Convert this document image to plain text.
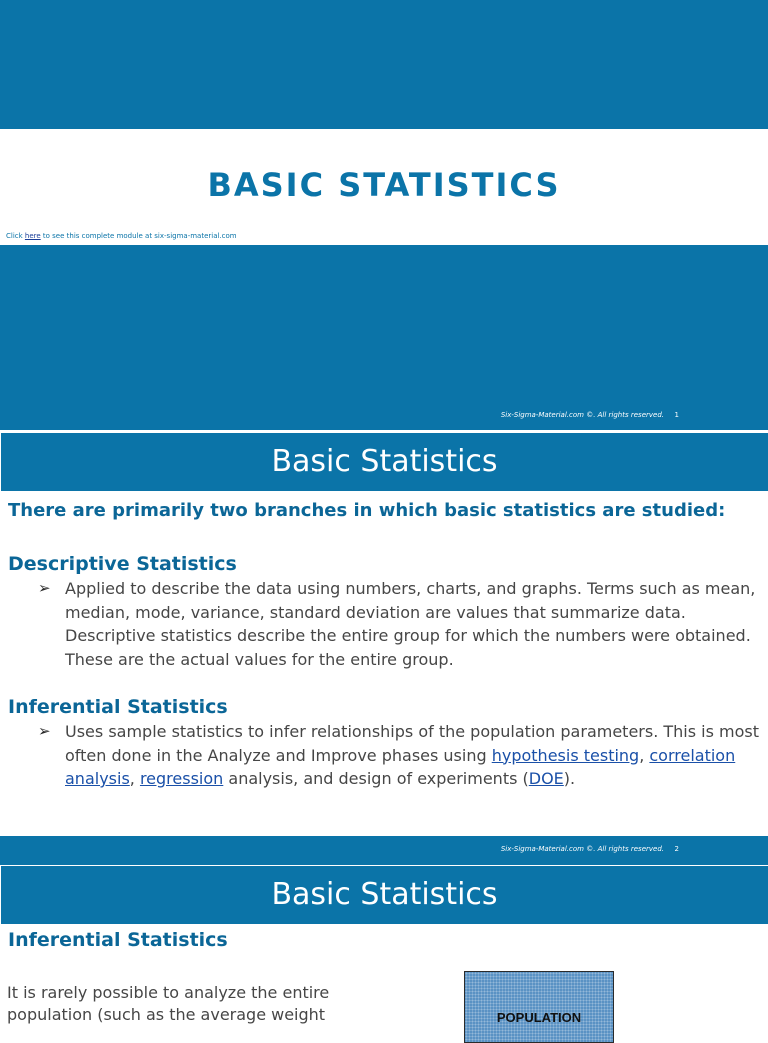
BASIC STATISTICS
Click here to see this complete module at six-sigma-material.com
Six-Sigma-Material.com ©. All rights reserved. 1
Basic Statistics
There are primarily two branches in which basic statistics are studied:
Descriptive Statistics
➢ Applied to describe the data using numbers, charts, and graphs. Terms such as mean, median, mode, variance, standard deviation are values that summarize data. Descriptive statistics describe the entire group for which the numbers were obtained. These are the actual values for the entire group.
Inferential Statistics
➢ Uses sample statistics to infer relationships of the population parameters. This is most often done in the Analyze and Improve phases using hypothesis testing, correlation analysis, regression analysis, and design of experiments (DOE).
Six-Sigma-Material.com ©. All rights reserved. 2
Basic Statistics
Inferential Statistics
It is rarely possible to analyze the entire population (such as the average weight	POPULATION
